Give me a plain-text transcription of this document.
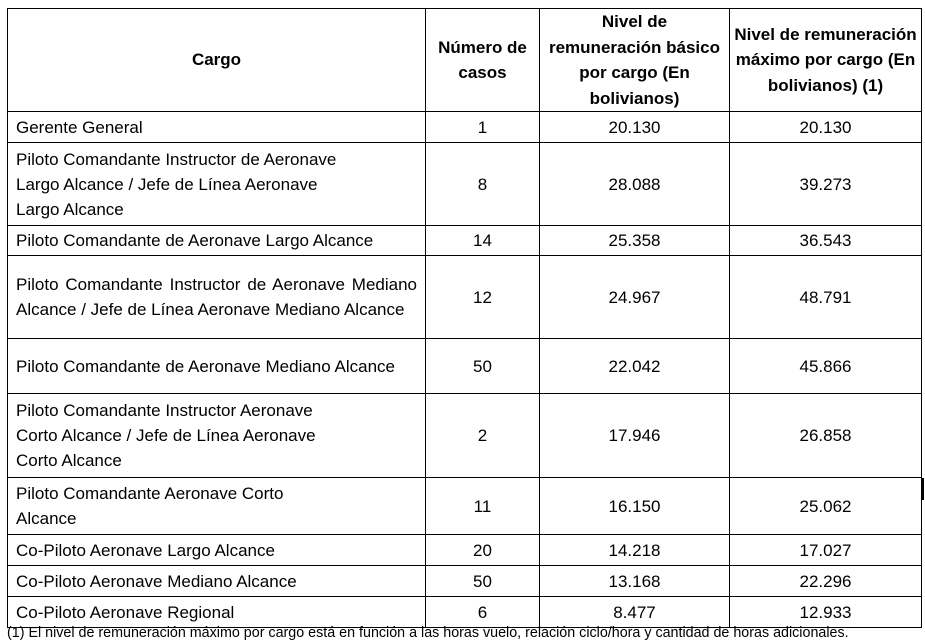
Cargo	Número de casos	Nivel de remuneración básico por cargo (En bolivianos)	Nivel de remuneración máximo por cargo (En bolivianos) (1)
Gerente General	1	20.130	20.130
Piloto Comandante Instructor de Aeronave Largo Alcance / Jefe de Línea Aeronave Largo Alcance	8	28.088	39.273
Piloto Comandante de Aeronave Largo Alcance	14	25.358	36.543
Piloto Comandante Instructor de Aeronave Mediano Alcance / Jefe de Línea Aeronave Mediano Alcance	12	24.967	48.791
Piloto Comandante de Aeronave Mediano Alcance	50	22.042	45.866
Piloto Comandante Instructor Aeronave Corto Alcance / Jefe de Línea Aeronave Corto Alcance	2	17.946	26.858
Piloto Comandante Aeronave Corto Alcance	11	16.150	25.062
Co-Piloto Aeronave Largo Alcance	20	14.218	17.027
Co-Piloto Aeronave Mediano Alcance	50	13.168	22.296
Co-Piloto Aeronave Regional	6	8.477	12.933
(1) El nivel de remuneración máximo por cargo está en función a las horas vuelo, relación ciclo/hora y cantidad de horas adicionales.
